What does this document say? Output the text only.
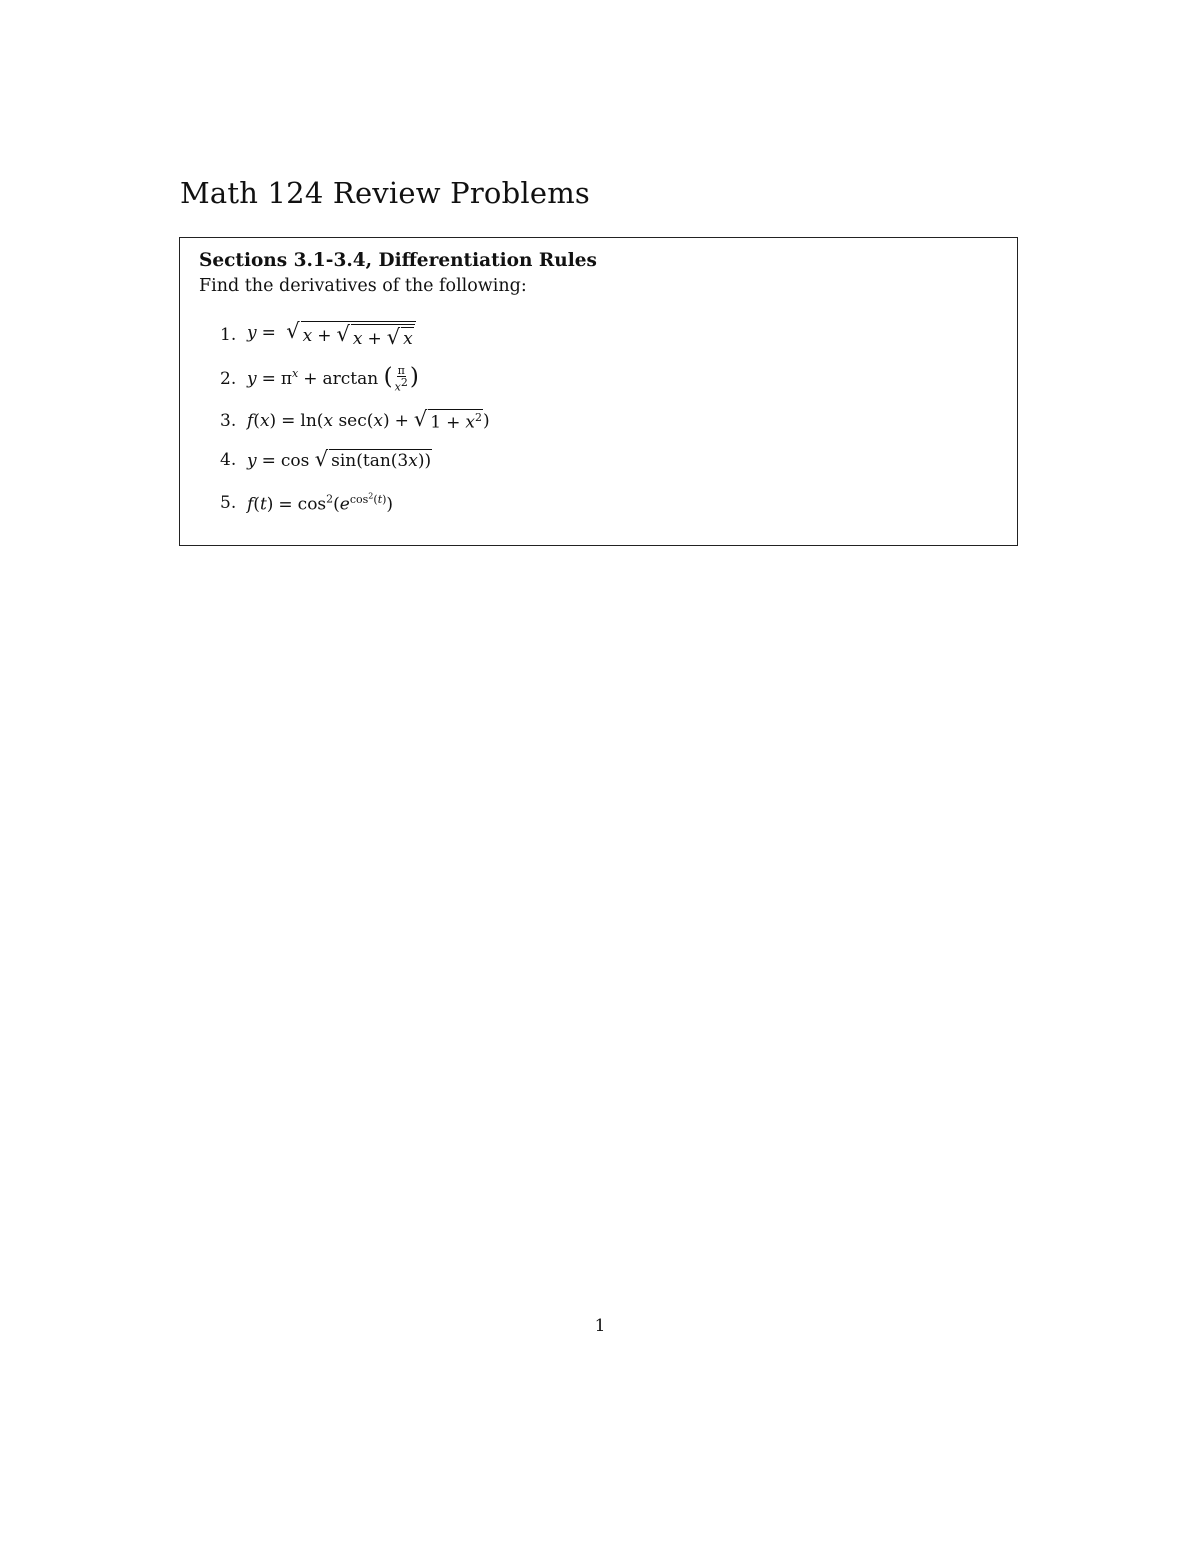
Math 124 Review Problems
Sections 3.1-3.4, Differentiation Rules

Find the derivatives of the following:

1. y = √ x + √ x + √ x
2. $y = \pi^x + \arctan$ ( $\frac{\pi}{x^2}$ )
3. f(x) = ln(x sec(x) + √ $1 + x^2$ )
4. y = cos √ sin(tan(3x))
5. $f(t) = \cos^2(e^{cos^2(t)})$
1
